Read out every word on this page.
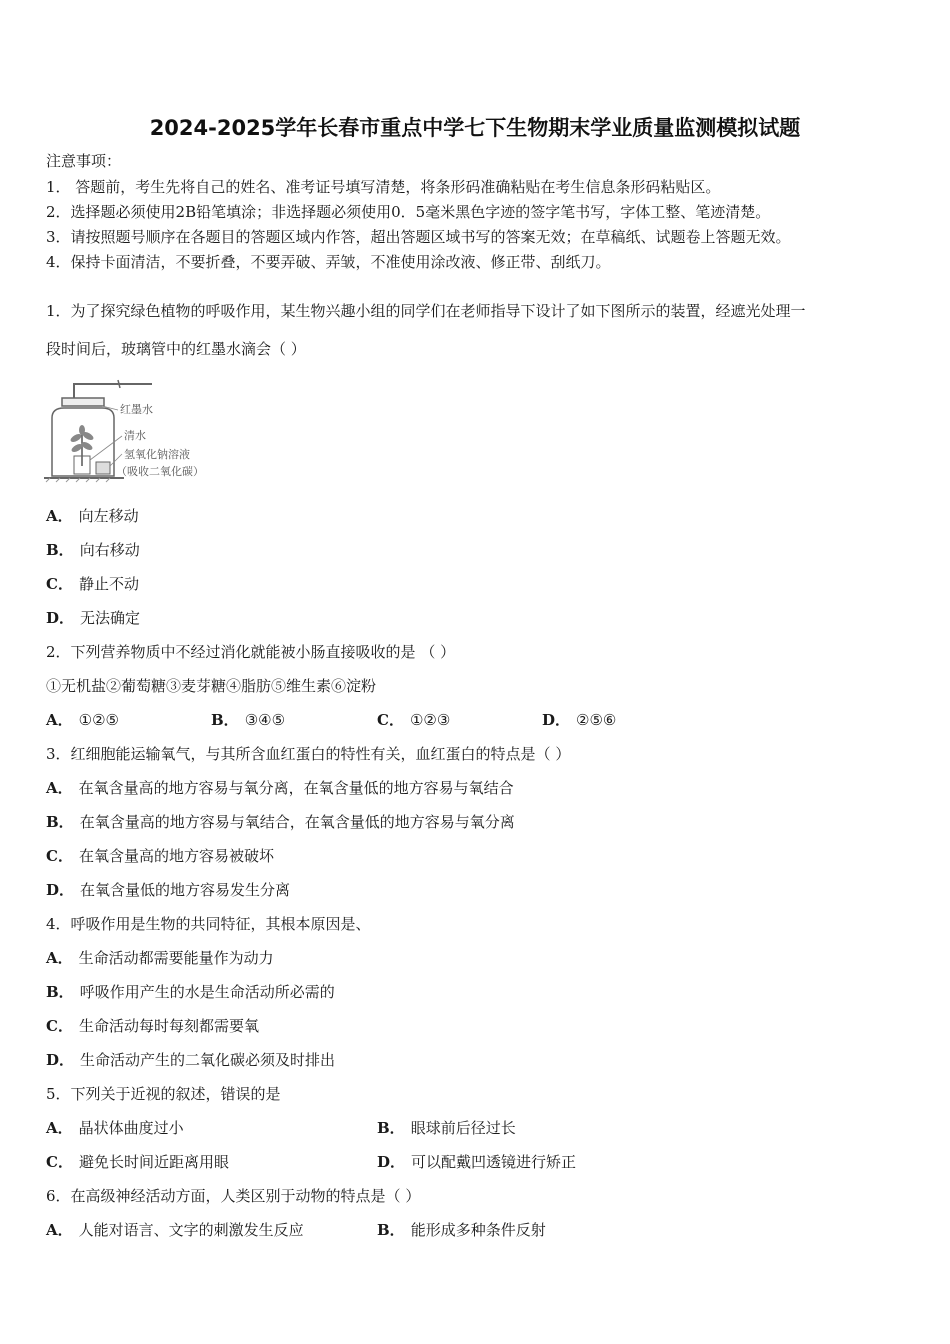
2024-2025学年长春市重点中学七下生物期末学业质量监测模拟试题
注意事项：
1． 答题前，考生先将自己的姓名、准考证号填写清楚，将条形码准确粘贴在考生信息条形码粘贴区。
2．选择题必须使用2B铅笔填涂；非选择题必须使用0．5毫米黑色字迹的签字笔书写，字体工整、笔迹清楚。
3．请按照题号顺序在各题目的答题区域内作答，超出答题区域书写的答案无效；在草稿纸、试题卷上答题无效。
4．保持卡面清洁，不要折叠，不要弄破、弄皱，不准使用涂改液、修正带、刮纸刀。
1．为了探究绿色植物的呼吸作用，某生物兴趣小组的同学们在老师指导下设计了如下图所示的装置，经遮光处理一
段时间后，玻璃管中的红墨水滴会（ ）
红墨水
清水
氢氧化钠溶液
（吸收二氧化碳）
A． 向左移动
B． 向右移动
C． 静止不动
D． 无法确定
2．下列营养物质中不经过消化就能被小肠直接吸收的是 （ ）
①无机盐②葡萄糖③麦芽糖④脂肪⑤维生素⑥淀粉
A． ①②⑤	B． ③④⑤	C． ①②③	D． ②⑤⑥
3．红细胞能运输氧气，与其所含血红蛋白的特性有关，血红蛋白的特点是（ ）
A． 在氧含量高的地方容易与氧分离，在氧含量低的地方容易与氧结合
B． 在氧含量高的地方容易与氧结合，在氧含量低的地方容易与氧分离
C． 在氧含量高的地方容易被破坏
D． 在氧含量低的地方容易发生分离
4．呼吸作用是生物的共同特征，其根本原因是、
A． 生命活动都需要能量作为动力
B． 呼吸作用产生的水是生命活动所必需的
C． 生命活动每时每刻都需要氧
D． 生命活动产生的二氧化碳必须及时排出
5．下列关于近视的叙述，错误的是
A． 晶状体曲度过小	B． 眼球前后径过长
C． 避免长时间近距离用眼	D． 可以配戴凹透镜进行矫正
6．在高级神经活动方面，人类区别于动物的特点是（ ）
A． 人能对语言、文字的刺激发生反应	B． 能形成多种条件反射
